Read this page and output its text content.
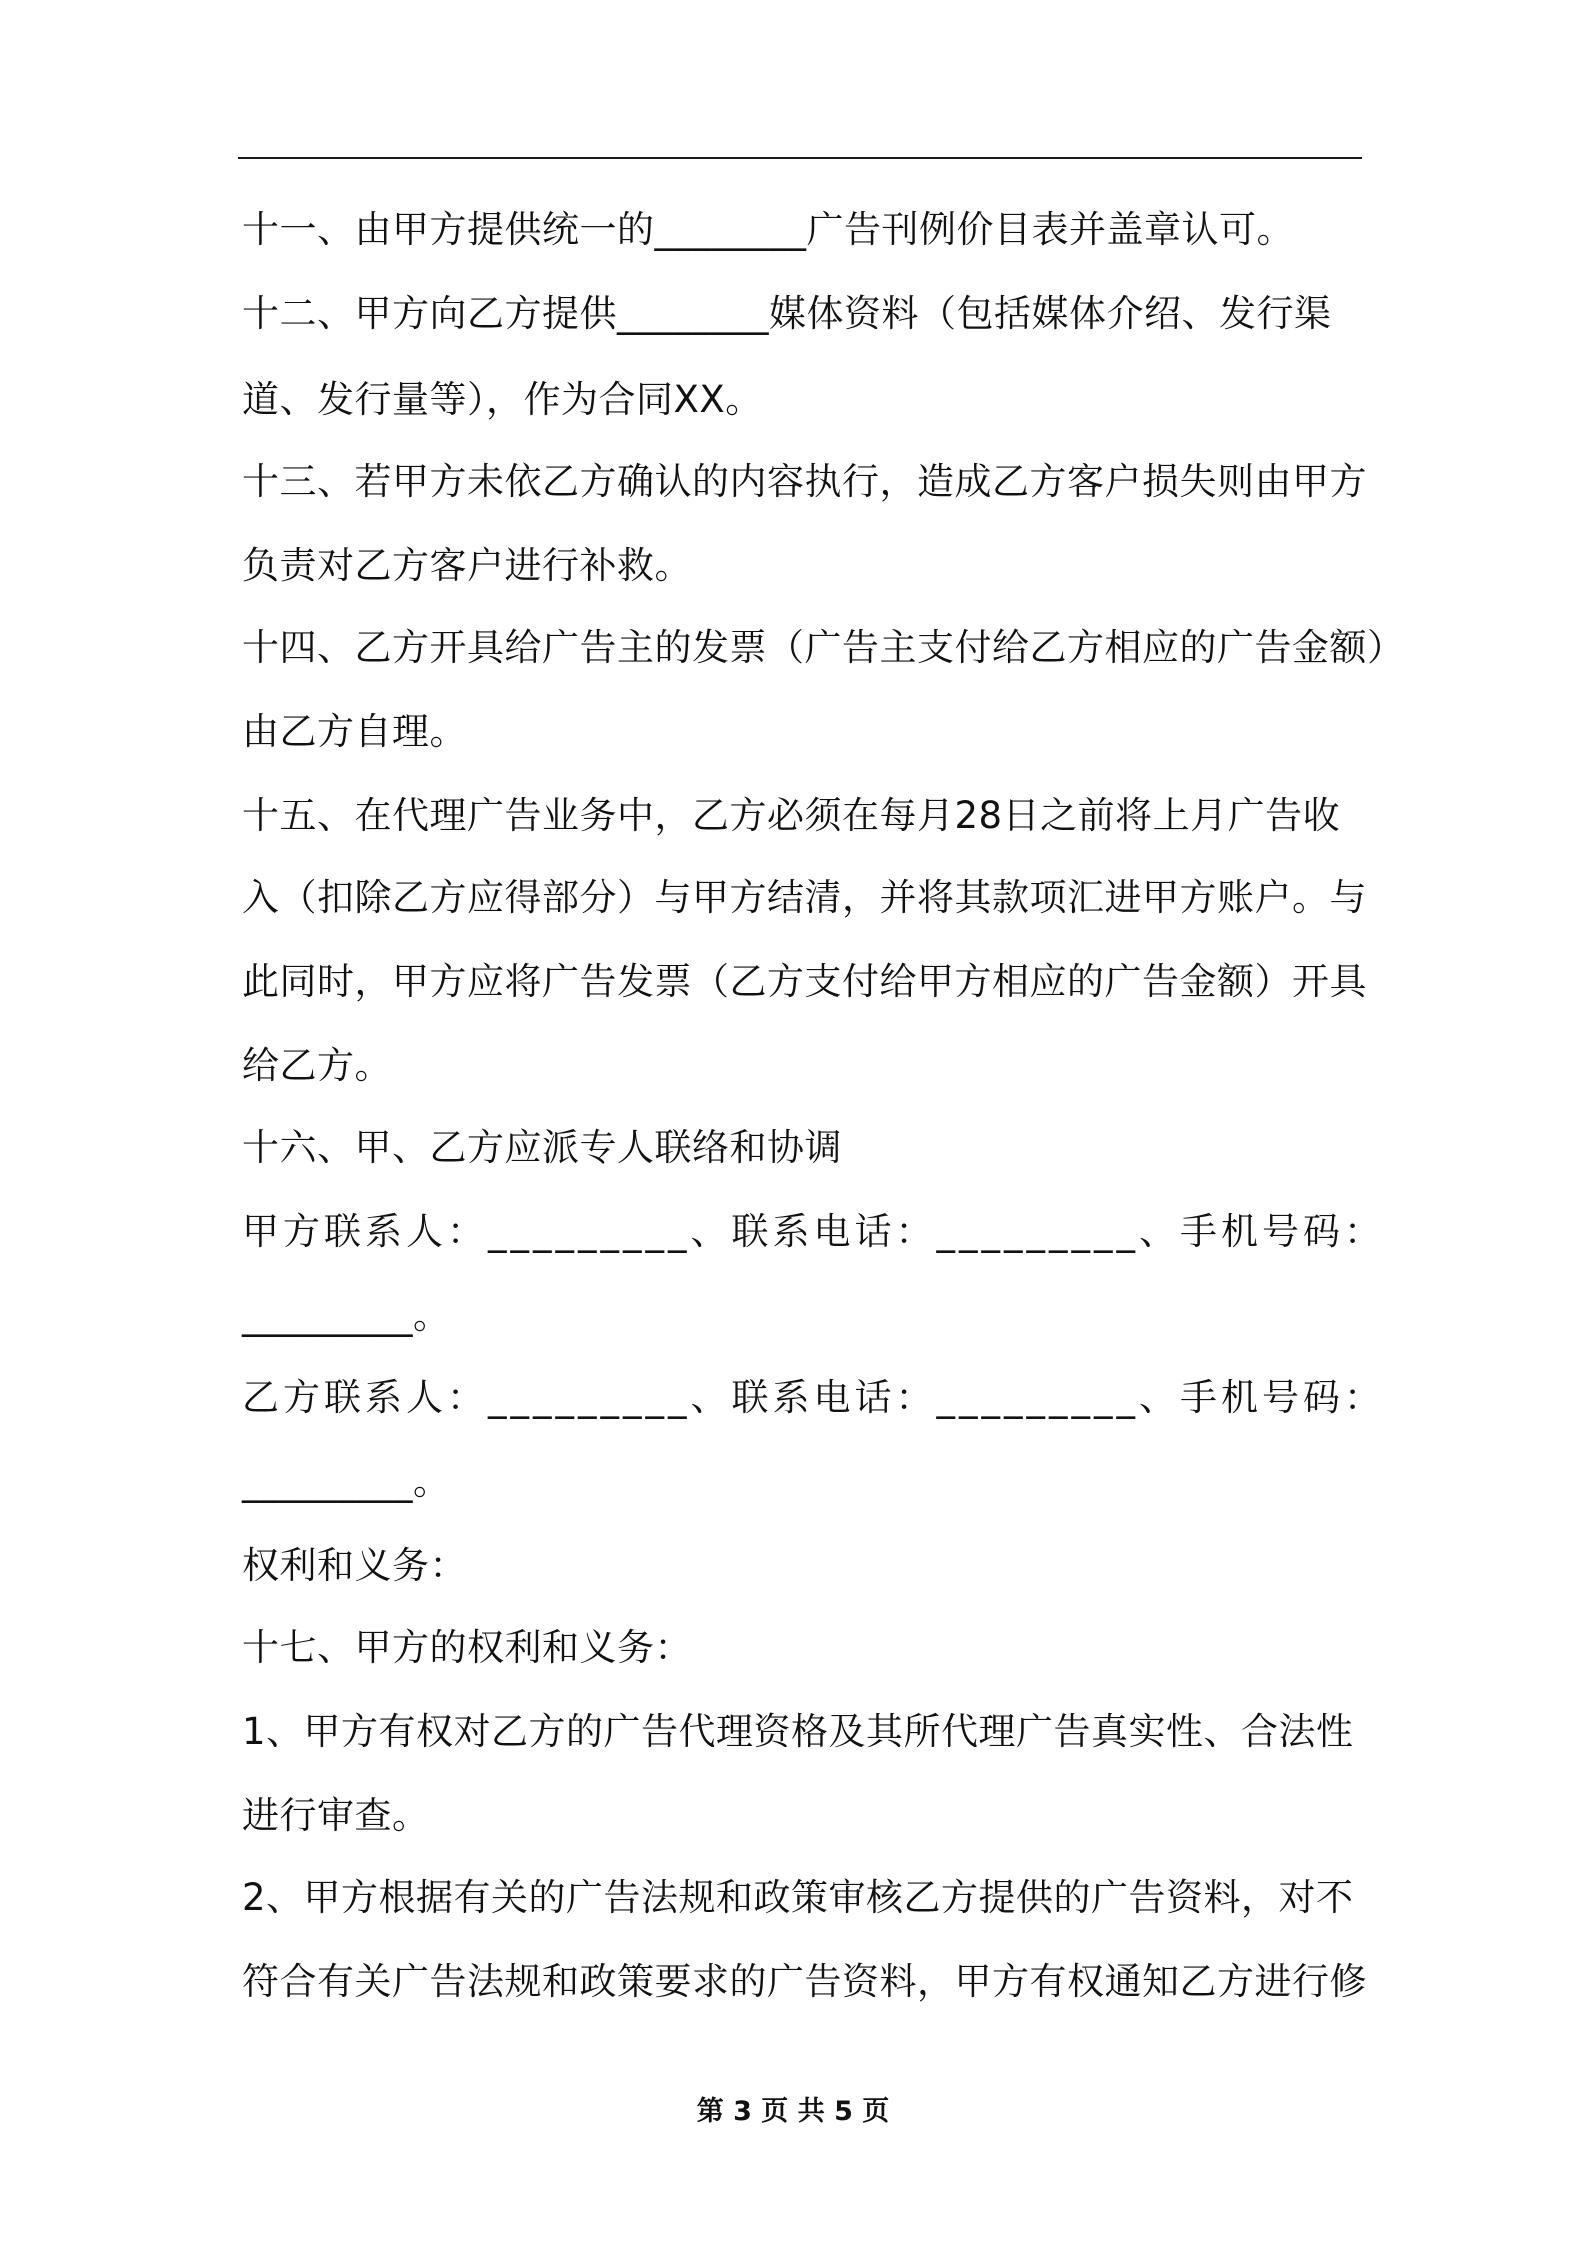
十一、由甲方提供统一的________广告刊例价目表并盖章认可。
十二、甲方向乙方提供________媒体资料（包括媒体介绍、发行渠
道、发行量等），作为合同XX。
十三、若甲方未依乙方确认的内容执行，造成乙方客户损失则由甲方
负责对乙方客户进行补救。
十四、乙方开具给广告主的发票（广告主支付给乙方相应的广告金额）
由乙方自理。
十五、在代理广告业务中，乙方必须在每月28日之前将上月广告收
入（扣除乙方应得部分）与甲方结清，并将其款项汇进甲方账户。与
此同时，甲方应将广告发票（乙方支付给甲方相应的广告金额）开具
给乙方。
十六、甲、乙方应派专人联络和协调
甲方联系人：_________、联系电话：_________、手机号码：
_________。
乙方联系人：_________、联系电话：_________、手机号码：
_________。
权利和义务：
十七、甲方的权利和义务：
1、甲方有权对乙方的广告代理资格及其所代理广告真实性、合法性
进行审查。
2、甲方根据有关的广告法规和政策审核乙方提供的广告资料，对不
符合有关广告法规和政策要求的广告资料，甲方有权通知乙方进行修
第 3 页 共 5 页
